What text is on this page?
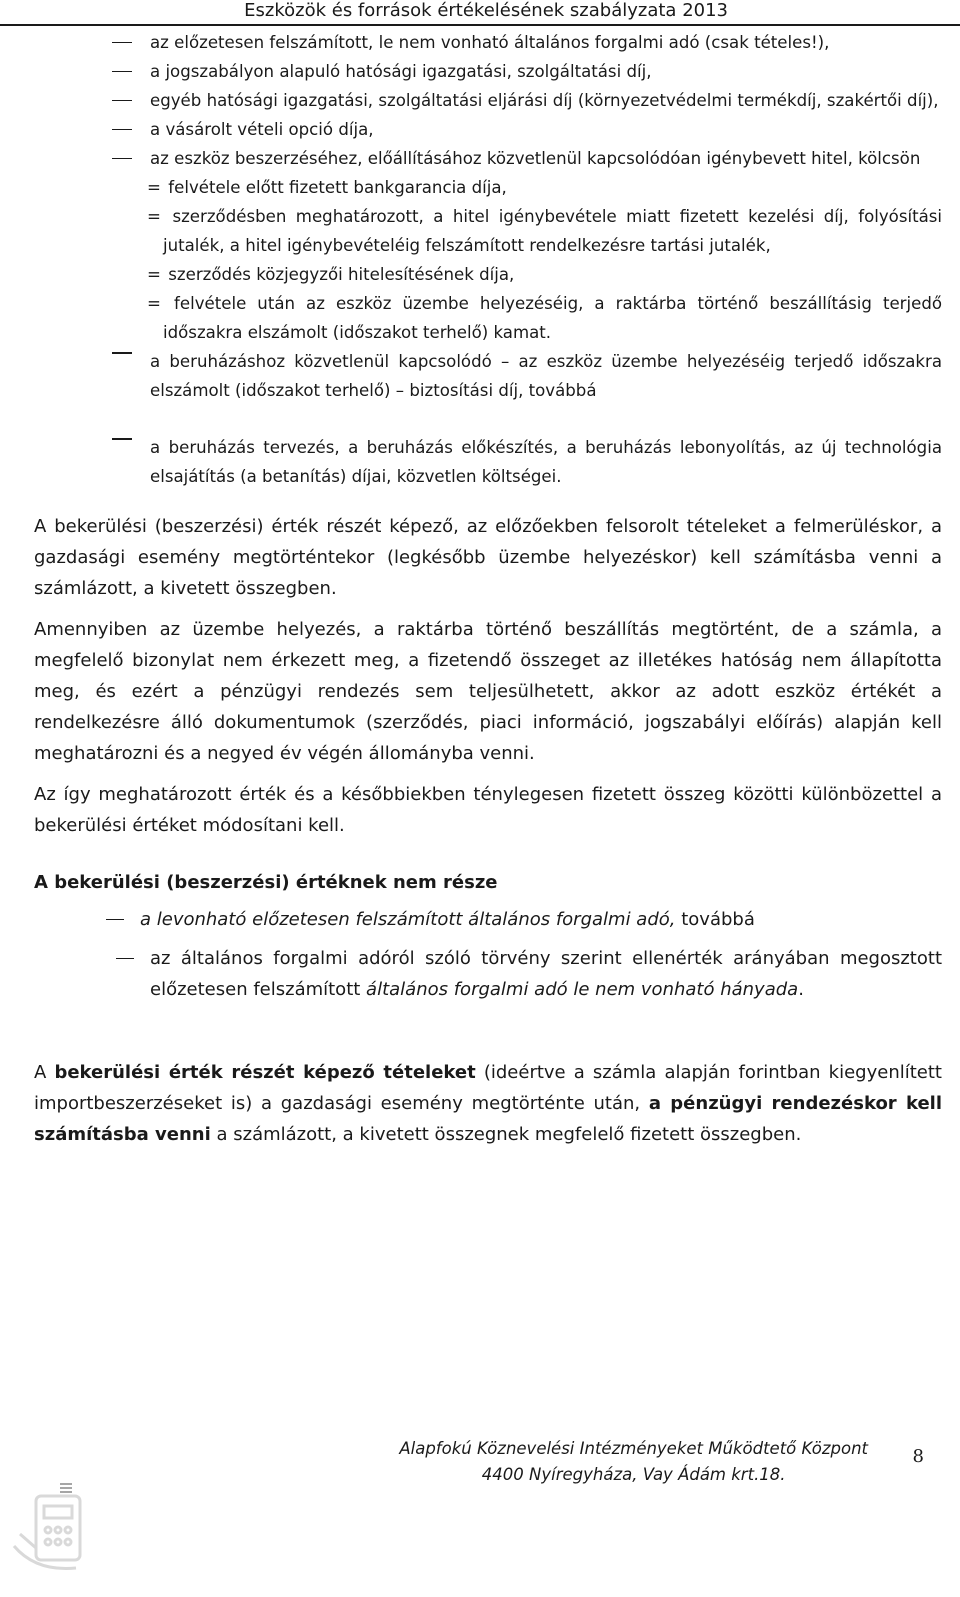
Eszközök és források értékelésének szabályzata 2013
az előzetesen felszámított, le nem vonható általános forgalmi adó (csak tételes!),
a jogszabályon alapuló hatósági igazgatási, szolgáltatási díj,
egyéb hatósági igazgatási, szolgáltatási eljárási díj (környezetvédelmi termékdíj, szakértői díj),
a vásárolt vételi opció díja,
az eszköz beszerzéséhez, előállításához közvetlenül kapcsolódóan igénybevett hitel, kölcsön
= felvétele előtt fizetett bankgarancia díja,
= szerződésben meghatározott, a hitel igénybevétele miatt fizetett kezelési díj, folyósítási jutalék, a hitel igénybevételéig felszámított rendelkezésre tartási jutalék,
= szerződés közjegyzői hitelesítésének díja,
= felvétele után az eszköz üzembe helyezéséig, a raktárba történő beszállításig terjedő időszakra elszámolt (időszakot terhelő) kamat.
a beruházáshoz közvetlenül kapcsolódó – az eszköz üzembe helyezéséig terjedő időszakra elszámolt (időszakot terhelő) – biztosítási díj, továbbá
a beruházás tervezés, a beruházás előkészítés, a beruházás lebonyolítás, az új technológia elsajátítás (a betanítás) díjai, közvetlen költségei.

A bekerülési (beszerzési) érték részét képező, az előzőekben felsorolt tételeket a felmerüléskor, a gazdasági esemény megtörténtekor (legkésőbb üzembe helyezéskor) kell számításba venni a számlázott, a kivetett összegben.

Amennyiben az üzembe helyezés, a raktárba történő beszállítás megtörtént, de a számla, a megfelelő bizonylat nem érkezett meg, a fizetendő összeget az illetékes hatóság nem állapította meg, és ezért a pénzügyi rendezés sem teljesülhetett, akkor az adott eszköz értékét a rendelkezésre álló dokumentumok (szerződés, piaci információ, jogszabályi előírás) alapján kell meghatározni és a negyed év végén állományba venni.

Az így meghatározott érték és a későbbiekben ténylegesen fizetett összeg közötti különbözettel a bekerülési értéket módosítani kell.

A bekerülési (beszerzési) értéknek nem része

a levonható előzetesen felszámított általános forgalmi adó, továbbá
az általános forgalmi adóról szóló törvény szerint ellenérték arányában megosztott előzetesen felszámított általános forgalmi adó le nem vonható hányada.

A bekerülési érték részét képező tételeket (ideértve a számla alapján forintban kiegyenlített importbeszerzéseket is) a gazdasági esemény megtörténte után, a pénzügyi rendezéskor kell számításba venni a számlázott, a kivetett összegnek megfelelő fizetett összegben.

Alapfokú Köznevelési Intézményeket Működtető Központ
4400 Nyíregyháza, Vay Ádám krt.18.
8
